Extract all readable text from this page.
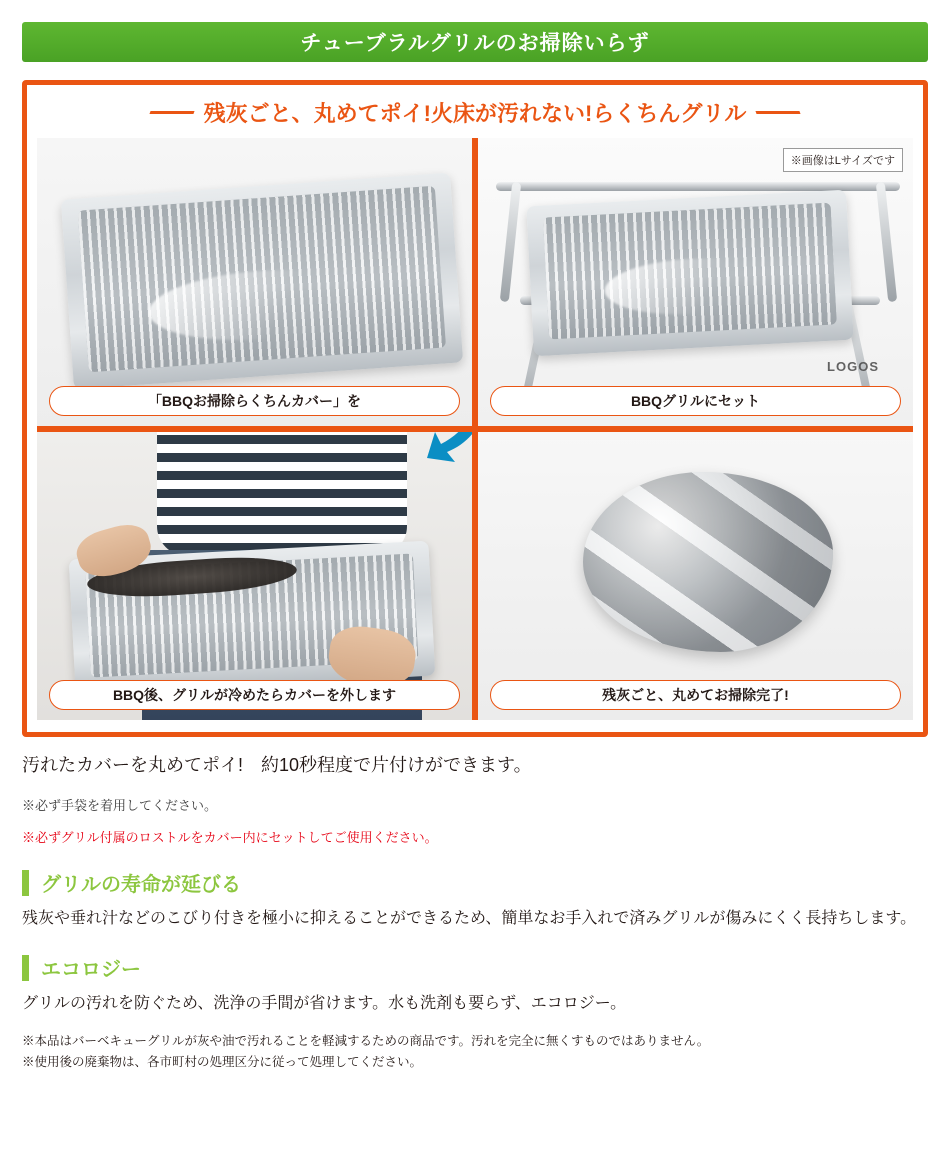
チューブラルグリルのお掃除いらず
残灰ごと、丸めてポイ!火床が汚れない!らくちんグリル
「BBQお掃除らくちんカバー」を
LOGOS
※画像はLサイズです
BBQグリルにセット
BBQ後、グリルが冷めたらカバーを外します	残灰ごと、丸めてお掃除完了!

汚れたカバーを丸めてポイ!　約10秒程度で片付けができます。

※必ず手袋を着用してください。

※必ずグリル付属のロストルをカバー内にセットしてご使用ください。

グリルの寿命が延びる

残灰や垂れ汁などのこびり付きを極小に抑えることができるため、簡単なお手入れで済みグリルが傷みにくく長持ちします。

エコロジー

グリルの汚れを防ぐため、洗浄の手間が省けます。水も洗剤も要らず、エコロジー。

※本品はバーベキューグリルが灰や油で汚れることを軽減するための商品です。汚れを完全に無くすものではありません。
※使用後の廃棄物は、各市町村の処理区分に従って処理してください。
